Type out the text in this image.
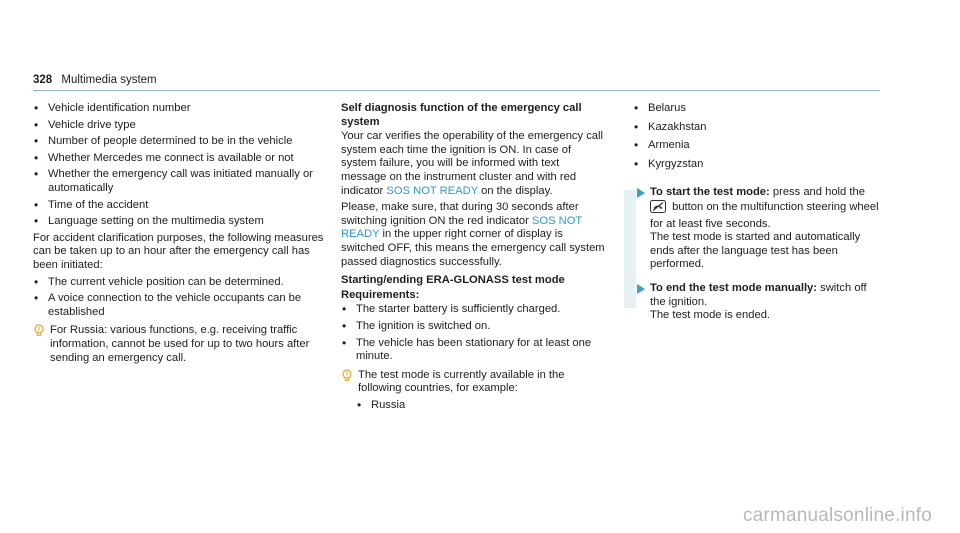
328 Multimedia system
• Vehicle identification number
• Vehicle drive type
• Number of people determined to be in the vehicle
• Whether Mercedes me connect is available or not
• Whether the emergency call was initiated manually or automatically
• Time of the accident
• Language setting on the multimedia system
For accident clarification purposes, the following measures can be taken up to an hour after the emergency call has been initiated:
• The current vehicle position can be determined.
• A voice connection to the vehicle occupants can be established
For Russia: various functions, e.g. receiving traffic information, cannot be used for up to two hours after sending an emergency call.
Self diagnosis function of the emergency call system
Your car verifies the operability of the emergency call system each time the ignition is ON. In case of system failure, you will be informed with text message on the instrument cluster and with red indicator SOS NOT READY on the display.
Please, make sure, that during 30 seconds after switching ignition ON the red indicator SOS NOT READY in the upper right corner of display is switched OFF, this means the emergency call system passed diagnostics successfully.
Starting/ending ERA-GLONASS test mode
Requirements:
• The starter battery is sufficiently charged.
• The ignition is switched on.
• The vehicle has been stationary for at least one minute.
The test mode is currently available in the following countries, for example:
• Russia
• Belarus
• Kazakhstan
• Armenia
• Kyrgyzstan
To start the test mode: press and hold the
button on the multifunction steering wheel for at least five seconds.
The test mode is started and automatically ends after the language test has been performed.
To end the test mode manually: switch off the ignition.
The test mode is ended.
carmanualsonline.info
